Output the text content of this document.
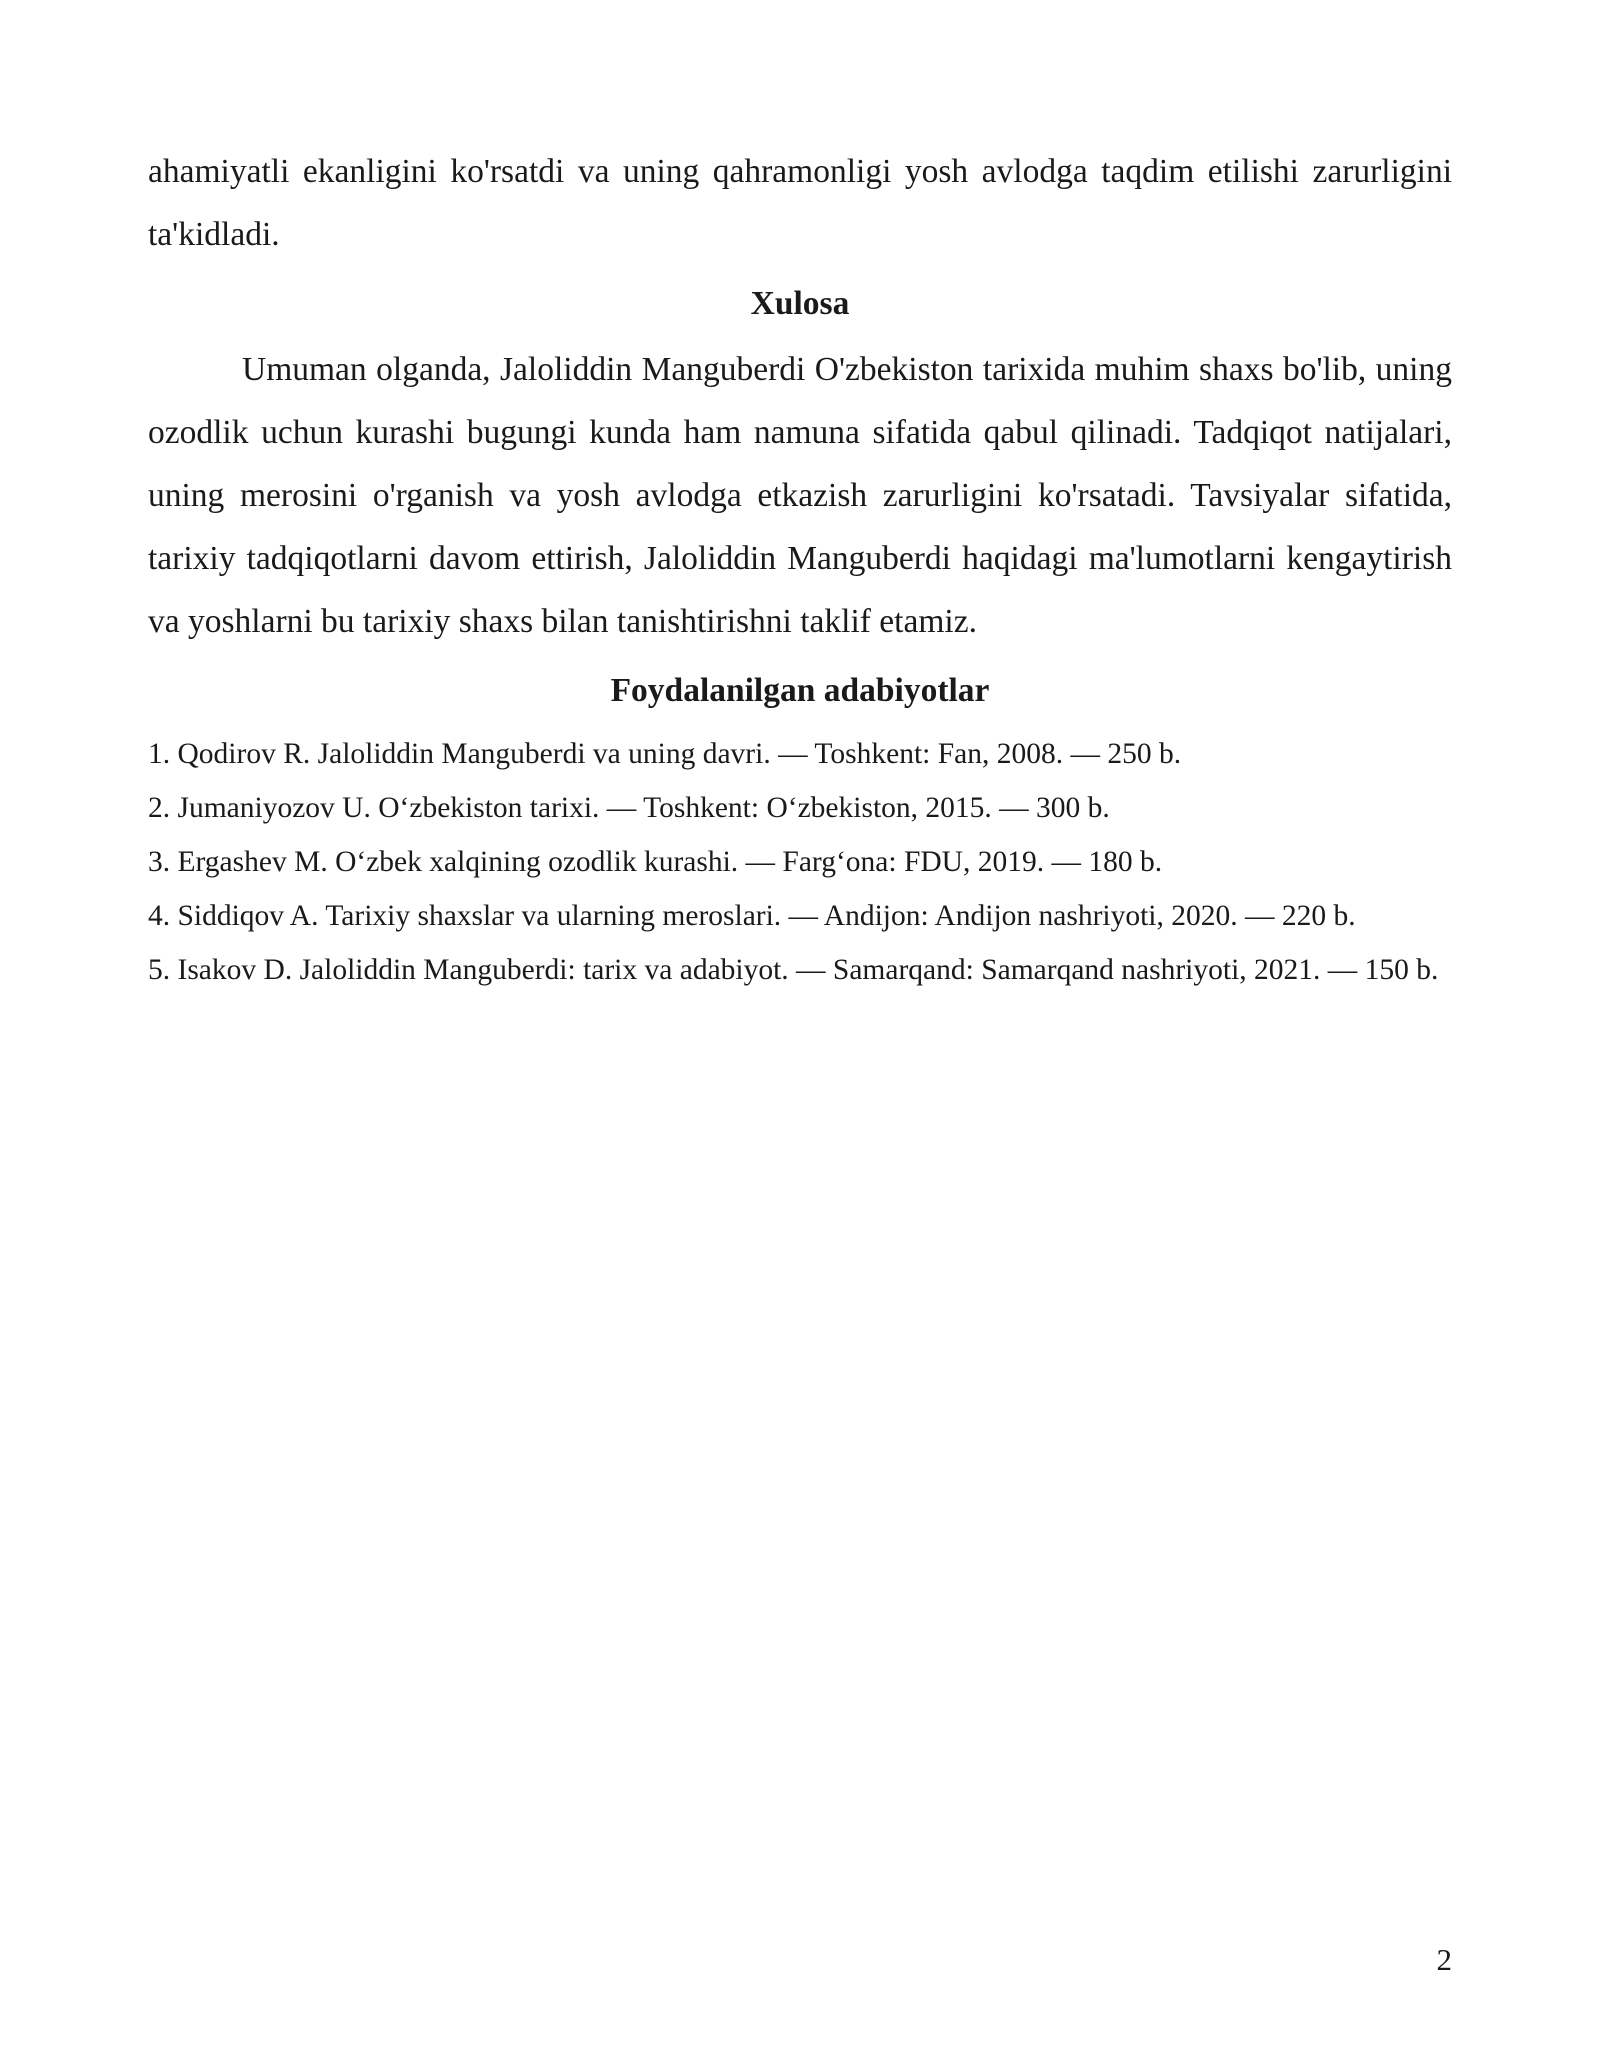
ahamiyatli ekanligini ko'rsatdi va uning qahramonligi yosh avlodga taqdim etilishi zarurligini ta'kidladi.

Xulosa

Umuman olganda, Jaloliddin Manguberdi O'zbekiston tarixida muhim shaxs bo'lib, uning ozodlik uchun kurashi bugungi kunda ham namuna sifatida qabul qilinadi. Tadqiqot natijalari, uning merosini o'rganish va yosh avlodga etkazish zarurligini ko'rsatadi. Tavsiyalar sifatida, tarixiy tadqiqotlarni davom ettirish, Jaloliddin Manguberdi haqidagi ma'lumotlarni kengaytirish va yoshlarni bu tarixiy shaxs bilan tanishtirishni taklif etamiz.

Foydalanilgan adabiyotlar
1. Qodirov R. Jaloliddin Manguberdi va uning davri. — Toshkent: Fan, 2008. — 250 b.
2. Jumaniyozov U. O‘zbekiston tarixi. — Toshkent: O‘zbekiston, 2015. — 300 b.
3. Ergashev M. O‘zbek xalqining ozodlik kurashi. — Farg‘ona: FDU, 2019. — 180 b.
4. Siddiqov A. Tarixiy shaxslar va ularning meroslari. — Andijon: Andijon nashriyoti, 2020. — 220 b.
5. Isakov D. Jaloliddin Manguberdi: tarix va adabiyot. — Samarqand: Samarqand nashriyoti, 2021. — 150 b.
2
